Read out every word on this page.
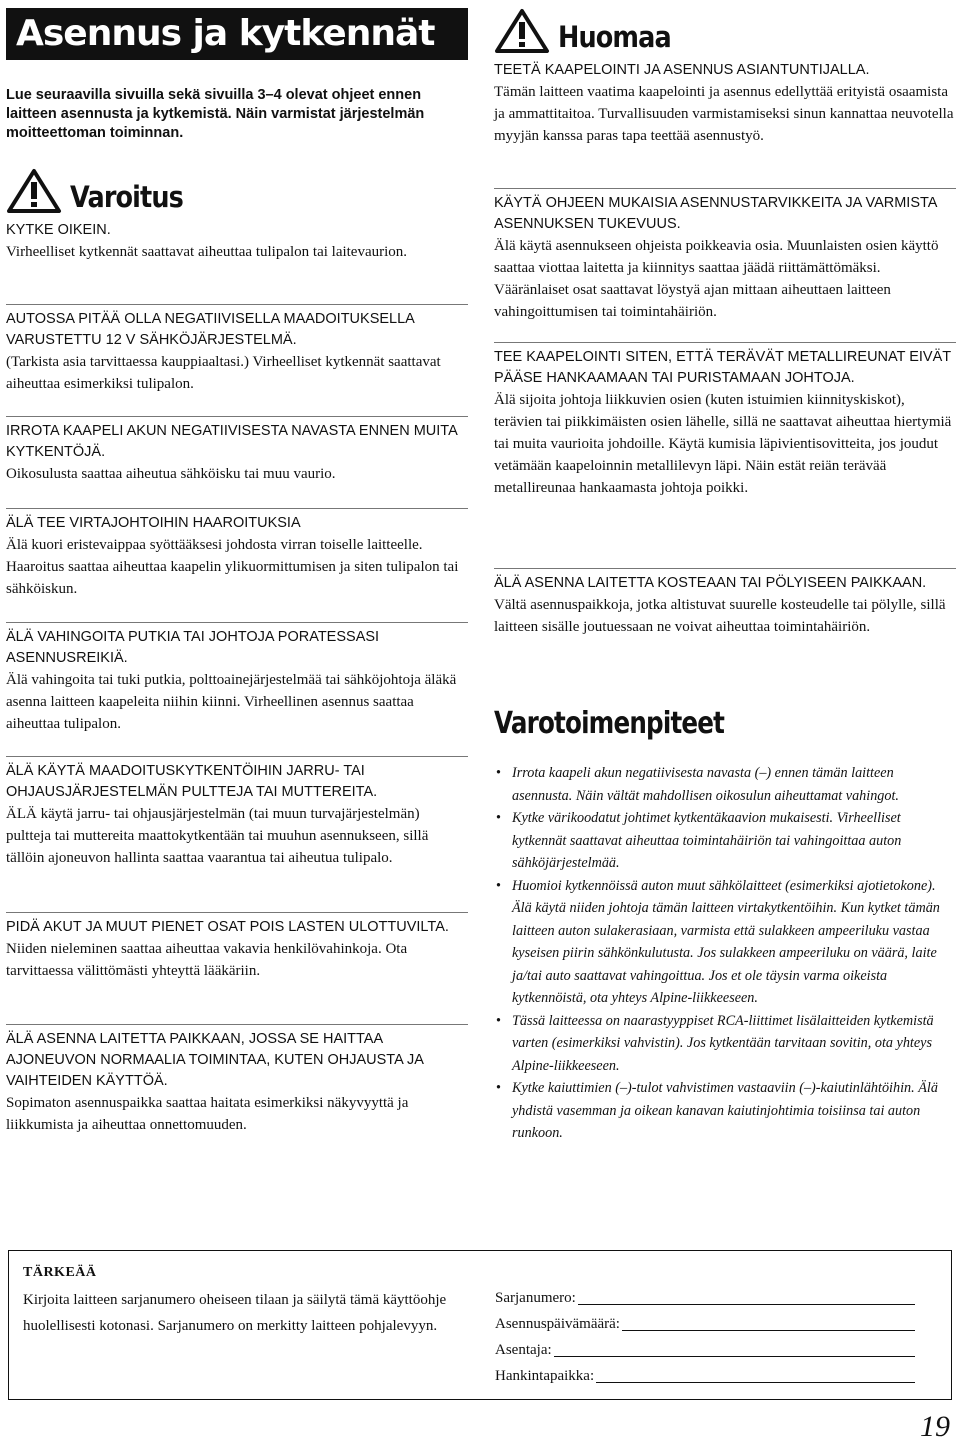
Asennus ja kytkennät
Lue seuraavilla sivuilla sekä sivuilla 3–4 olevat ohjeet ennen laitteen asennusta ja kytkemistä. Näin varmistat järjestelmän moitteettoman toiminnan.
Varoitus

KYTKE OIKEIN.

Virheelliset kytkennät saattavat aiheuttaa tulipalon tai laitevaurion.

AUTOSSA PITÄÄ OLLA NEGATIIVISELLA MAADOITUKSELLA VARUSTETTU 12 V SÄHKÖJÄRJESTELMÄ.

(Tarkista asia tarvittaessa kauppiaaltasi.) Virheelliset kytkennät saattavat aiheuttaa esimerkiksi tulipalon.

IRROTA KAAPELI AKUN NEGATIIVISESTA NAVASTA ENNEN MUITA KYTKENTÖJÄ.

Oikosulusta saattaa aiheutua sähköisku tai muu vaurio.

ÄLÄ TEE VIRTAJOHTOIHIN HAAROITUKSIA

Älä kuori eristevaippaa syöttääksesi johdosta virran toiselle laitteelle. Haaroitus saattaa aiheuttaa kaapelin ylikuormittumisen ja siten tulipalon tai sähköiskun.

ÄLÄ VAHINGOITA PUTKIA TAI JOHTOJA PORATESSASI ASENNUSREIKIÄ.

Älä vahingoita tai tuki putkia, polttoainejärjestelmää tai sähköjohtoja äläkä asenna laitteen kaapeleita niihin kiinni. Virheellinen asennus saattaa aiheuttaa tulipalon.

ÄLÄ KÄYTÄ MAADOITUSKYTKENTÖIHIN JARRU- TAI OHJAUSJÄRJESTELMÄN PULTTEJA TAI MUTTEREITA.

ÄLÄ käytä jarru- tai ohjausjärjestelmän (tai muun turvajärjestelmän) pultteja tai muttereita maattokytkentään tai muuhun asennukseen, sillä tällöin ajoneuvon hallinta saattaa vaarantua tai aiheutua tulipalo.

PIDÄ AKUT JA MUUT PIENET OSAT POIS LASTEN ULOTTUVILTA.

Niiden nieleminen saattaa aiheuttaa vakavia henkilövahinkoja. Ota tarvittaessa välittömästi yhteyttä lääkäriin.

ÄLÄ ASENNA LAITETTA PAIKKAAN, JOSSA SE HAITTAA AJONEUVON NORMAALIA TOIMINTAA, KUTEN OHJAUSTA JA VAIHTEIDEN KÄYTTÖÄ.

Sopimaton asennuspaikka saattaa haitata esimerkiksi näkyvyyttä ja liikkumista ja aiheuttaa onnettomuuden.

Huomaa

TEETÄ KAAPELOINTI JA ASENNUS ASIANTUNTIJALLA.

Tämän laitteen vaatima kaapelointi ja asennus edellyttää erityistä osaamista ja ammattitaitoa. Turvallisuuden varmistamiseksi sinun kannattaa neuvotella myyjän kanssa paras tapa teettää asennustyö.

KÄYTÄ OHJEEN MUKAISIA ASENNUSTARVIKKEITA JA VARMISTA ASENNUKSEN TUKEVUUS.

Älä käytä asennukseen ohjeista poikkeavia osia. Muunlaisten osien käyttö saattaa viottaa laitetta ja kiinnitys saattaa jäädä riittämättömäksi. Vääränlaiset osat saattavat löystyä ajan mittaan aiheuttaen laitteen vahingoittumisen tai toimintahäiriön.

TEE KAAPELOINTI SITEN, ETTÄ TERÄVÄT METALLIREUNAT EIVÄT PÄÄSE HANKAAMAAN TAI PURISTAMAAN JOHTOJA.

Älä sijoita johtoja liikkuvien osien (kuten istuimien kiinnityskiskot), terävien tai piikkimäisten osien lähelle, sillä ne saattavat aiheuttaa hiertymiä tai muita vaurioita johdoille. Käytä kumisia läpivientisovitteita, jos joudut vetämään kaapeloinnin metallilevyn läpi. Näin estät reiän terävää metallireunaa hankaamasta johtoja poikki.

ÄLÄ ASENNA LAITETTA KOSTEAAN TAI PÖLYISEEN PAIKKAAN.

Vältä asennuspaikkoja, jotka altistuvat suurelle kosteudelle tai pölylle, sillä laitteen sisälle joutuessaan ne voivat aiheuttaa toimintahäiriön.

Varotoimenpiteet
• Irrota kaapeli akun negatiivisesta navasta (–) ennen tämän laitteen asennusta. Näin vältät mahdollisen oikosulun aiheuttamat vahingot.
• Kytke värikoodatut johtimet kytkentäkaavion mukaisesti. Virheelliset kytkennät saattavat aiheuttaa toimintahäiriön tai vahingoittaa auton sähköjärjestelmää.
• Huomioi kytkennöissä auton muut sähkölaitteet (esimerkiksi ajotietokone). Älä käytä niiden johtoja tämän laitteen virtakytkentöihin. Kun kytket tämän laitteen auton sulakerasiaan, varmista että sulakkeen ampeeriluku vastaa kyseisen piirin sähkönkulutusta. Jos sulakkeen ampeeriluku on väärä, laite ja/tai auto saattavat vahingoittua. Jos et ole täysin varma oikeista kytkennöistä, ota yhteys Alpine-liikkeeseen.
• Tässä laitteessa on naarastyyppiset RCA-liittimet lisälaitteiden kytkemistä varten (esimerkiksi vahvistin). Jos kytkentään tarvitaan sovitin, ota yhteys Alpine-liikkeeseen.
• Kytke kaiuttimien (–)-tulot vahvistimen vastaaviin (–)-kaiutinlähtöihin. Älä yhdistä vasemman ja oikean kanavan kaiutinjohtimia toisiinsa tai auton runkoon.
TÄRKEÄÄ
Kirjoita laitteen sarjanumero oheiseen tilaan ja säilytä tämä käyttöohje huolellisesti kotonasi. Sarjanumero on merkitty laitteen pohjalevyyn.
Sarjanumero:
Asennuspäivämäärä:
Asentaja:
Hankintapaikka:
19
